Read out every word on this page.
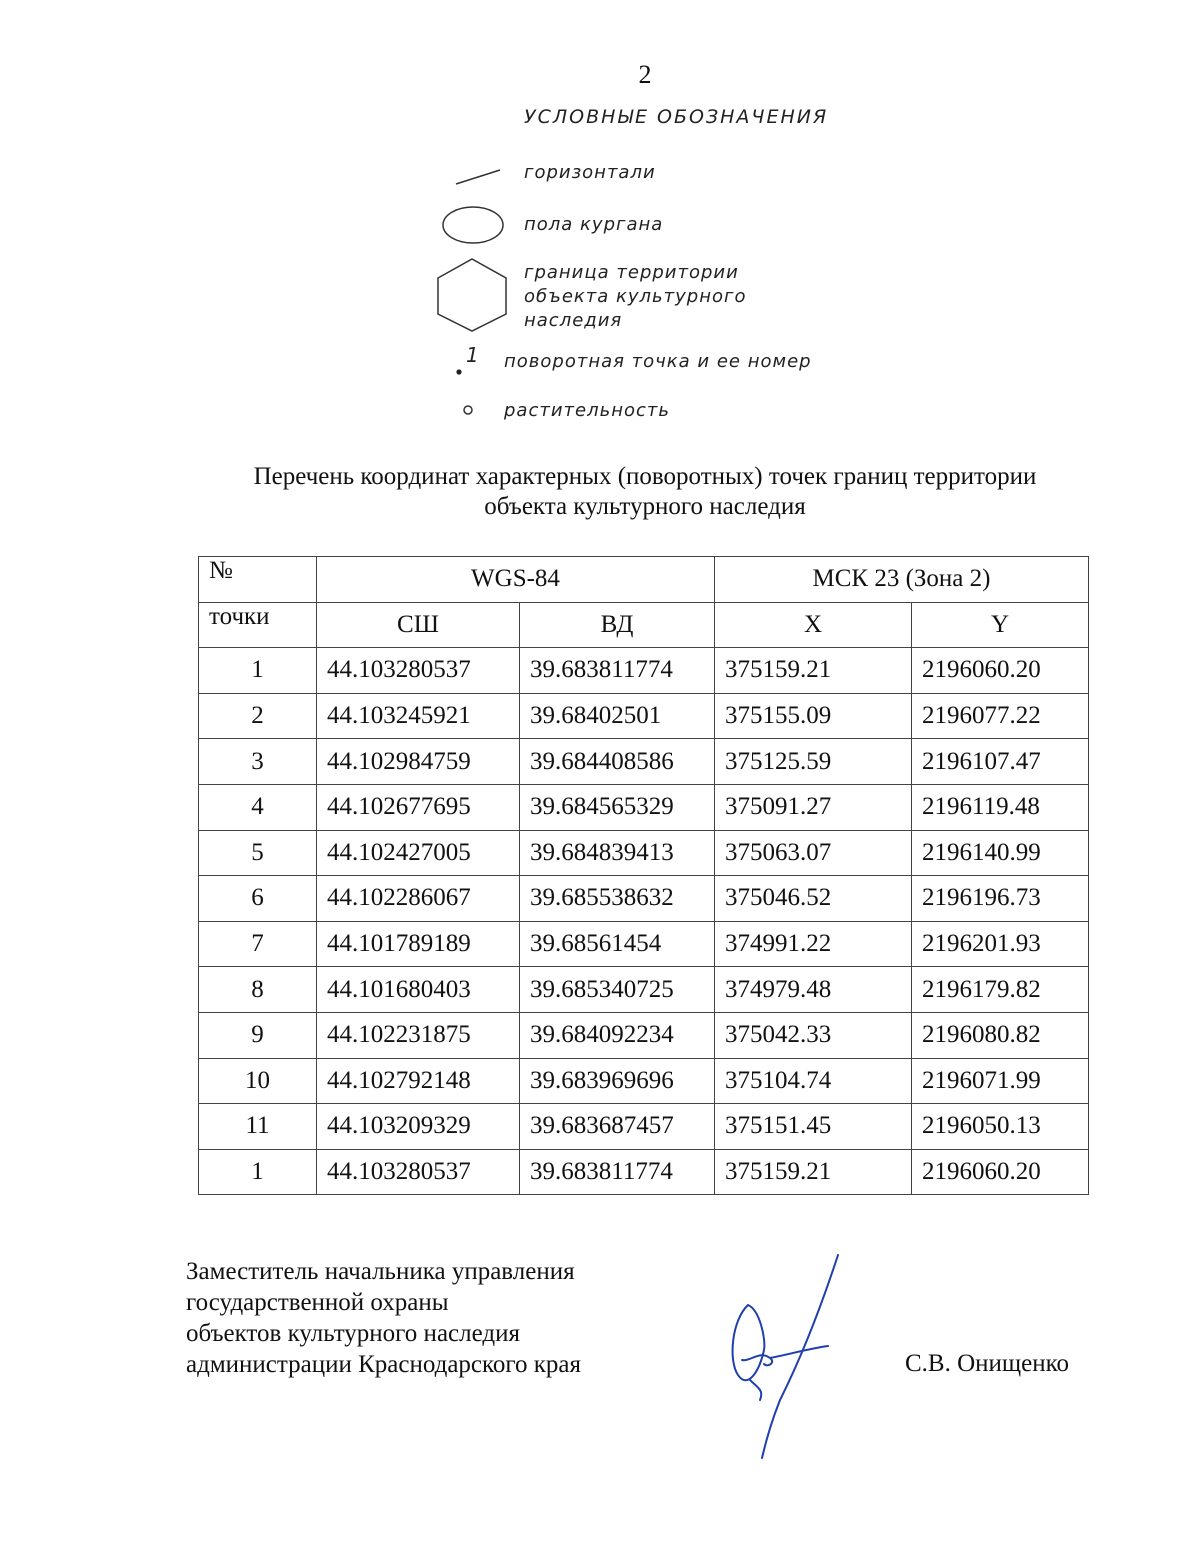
2
УСЛОВНЫЕ ОБОЗНАЧЕНИЯ
горизонтали
пола кургана
граница территории
объекта культурного
наследия
1 поворотная точка и ее номер
растительность
Перечень координат характерных (поворотных) точек границ территории
объекта культурного наследия
№	WGS-84		МСК 23 (Зона 2)	
точки	СШ	ВД	X	Y
1	44.103280537	39.683811774	375159.21	2196060.20
2	44.103245921	39.68402501	375155.09	2196077.22
3	44.102984759	39.684408586	375125.59	2196107.47
4	44.102677695	39.684565329	375091.27	2196119.48
5	44.102427005	39.684839413	375063.07	2196140.99
6	44.102286067	39.685538632	375046.52	2196196.73
7	44.101789189	39.68561454	374991.22	2196201.93
8	44.101680403	39.685340725	374979.48	2196179.82
9	44.102231875	39.684092234	375042.33	2196080.82
10	44.102792148	39.683969696	375104.74	2196071.99
11	44.103209329	39.683687457	375151.45	2196050.13
1	44.103280537	39.683811774	375159.21	2196060.20
Заместитель начальника управления
государственной охраны
объектов культурного наследия
администрации Краснодарского края	С.В. Онищенко
